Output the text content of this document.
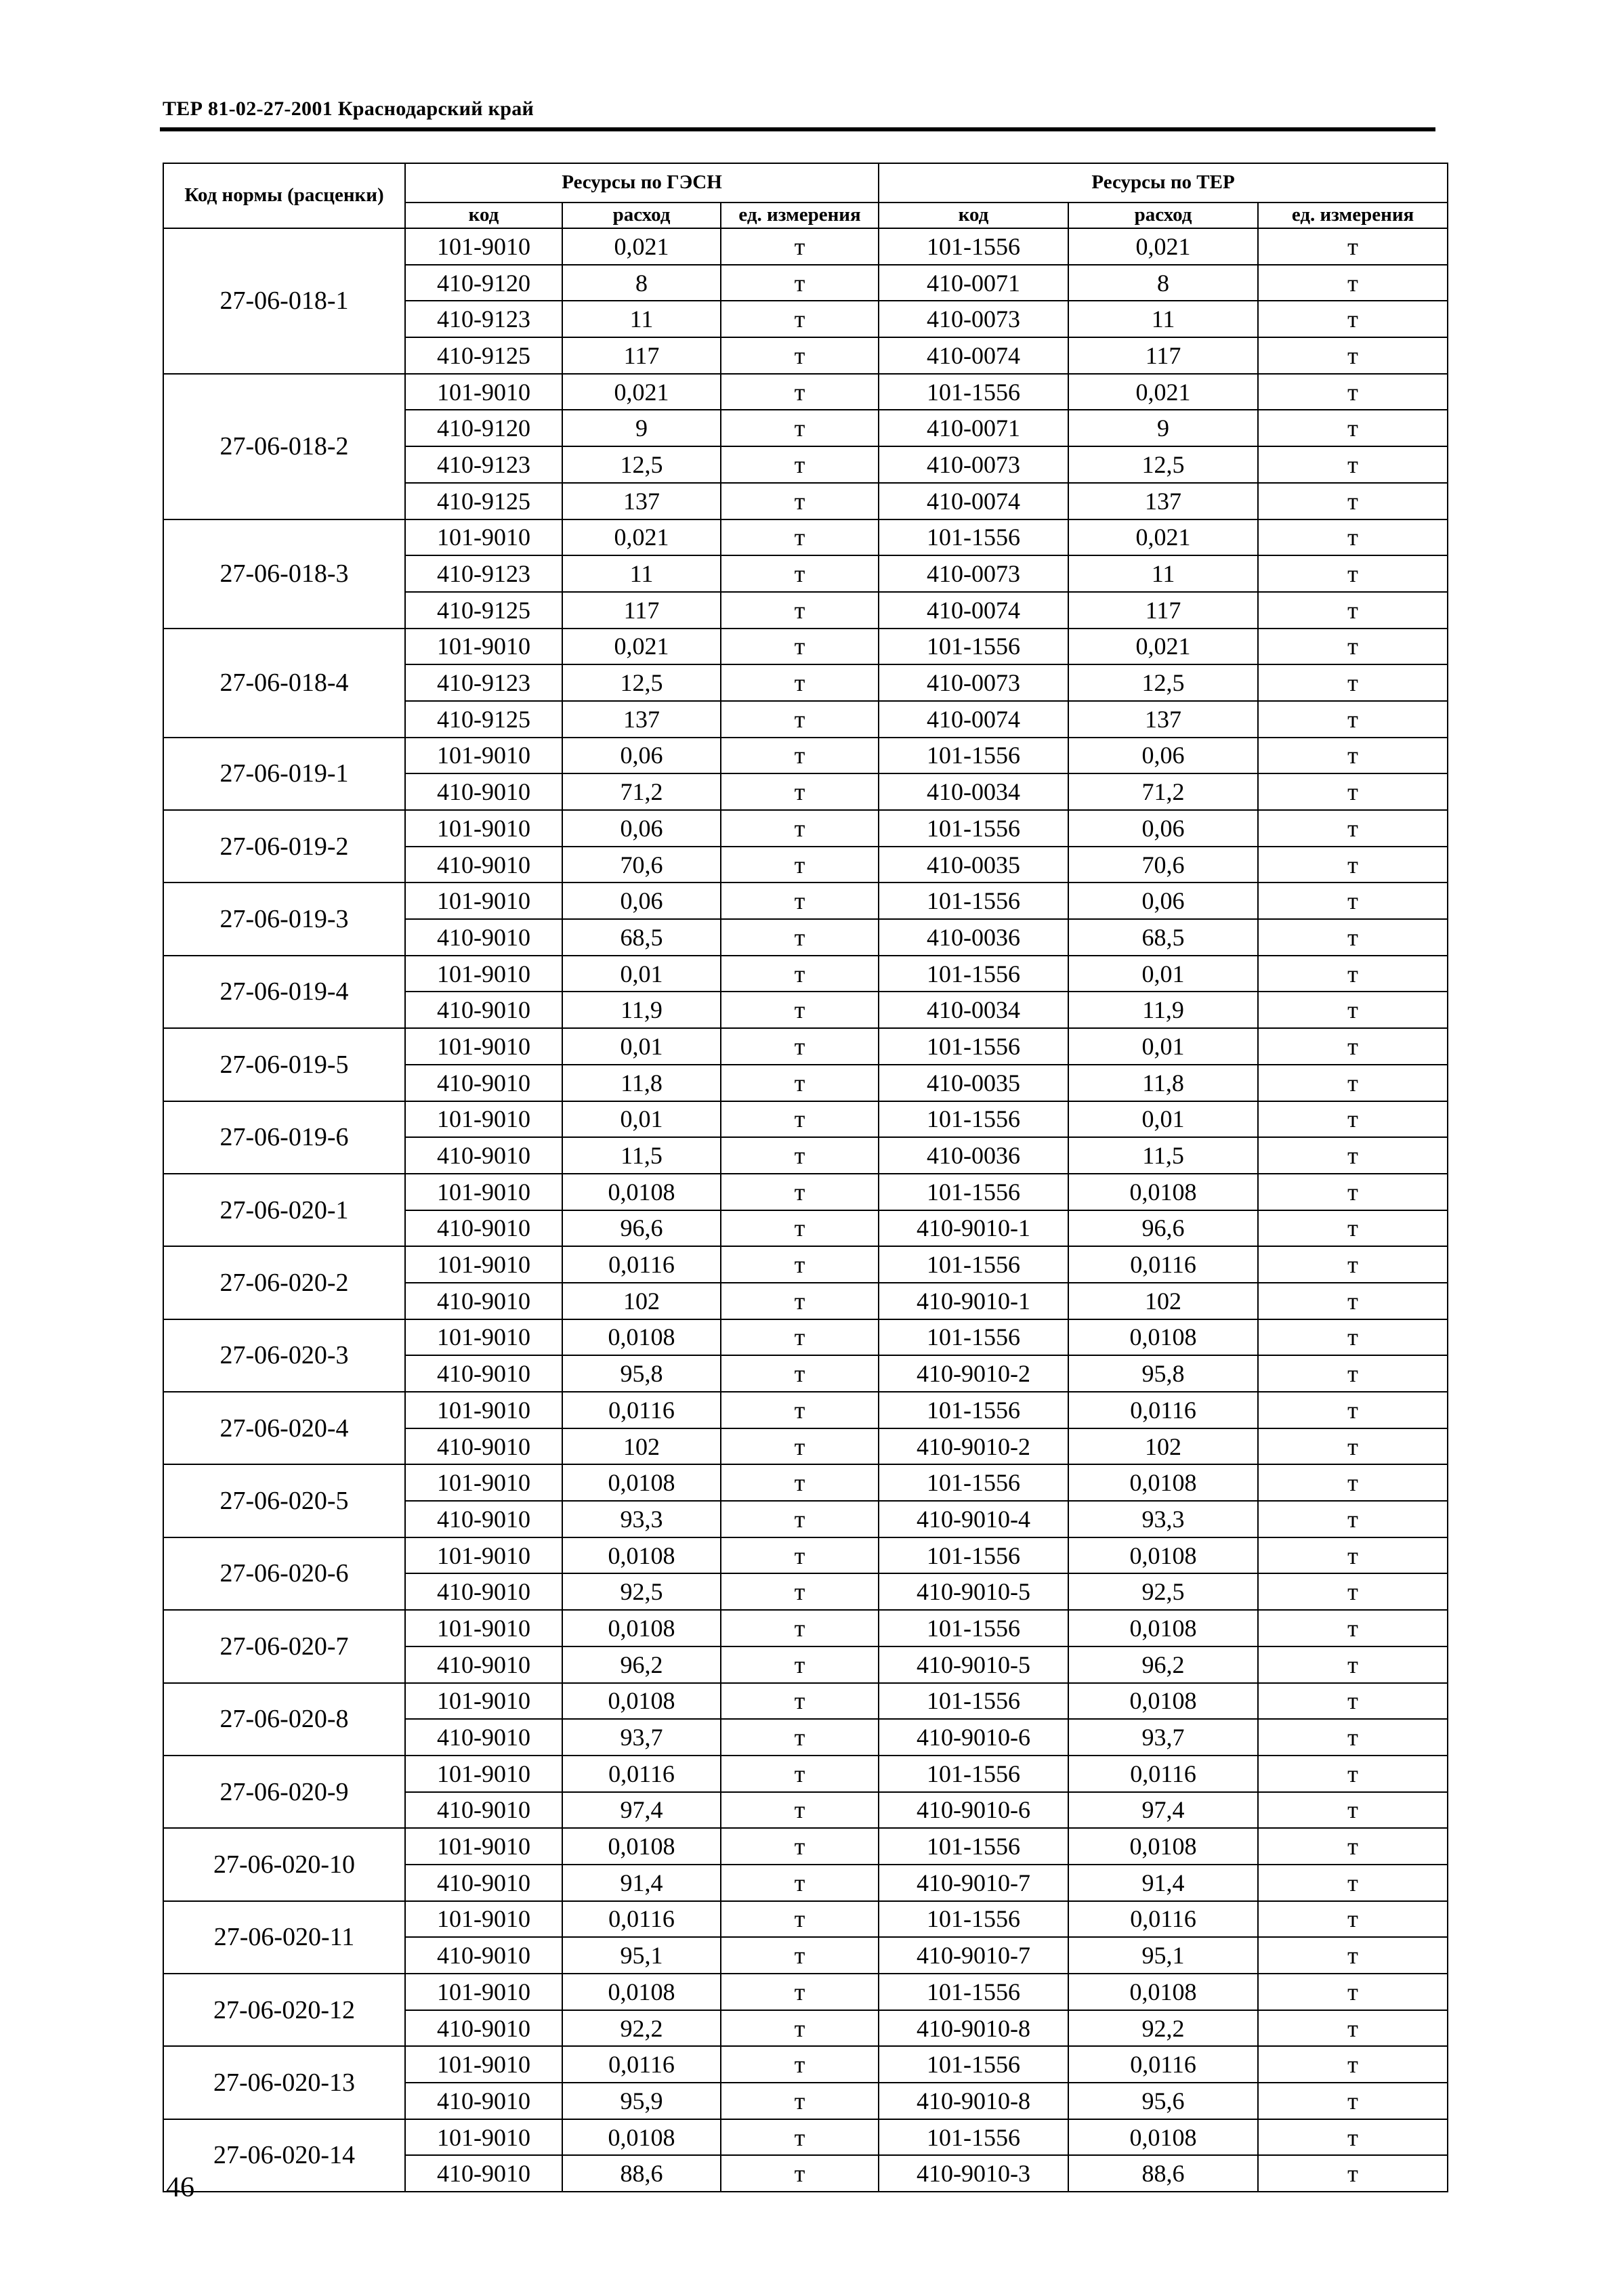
ТЕР 81-02-27-2001 Краснодарский край
Код нормы (расценки)	Ресурсы по ГЭСН			Ресурсы по ТЕР		
	код	расход	ед. измерения	код	расход	ед. измерения
27-06-018-1	101-9010	0,021	т	101-1556	0,021	т
	410-9120	8	т	410-0071	8	т
	410-9123	11	т	410-0073	11	т
	410-9125	117	т	410-0074	117	т
27-06-018-2	101-9010	0,021	т	101-1556	0,021	т
	410-9120	9	т	410-0071	9	т
	410-9123	12,5	т	410-0073	12,5	т
	410-9125	137	т	410-0074	137	т
27-06-018-3	101-9010	0,021	т	101-1556	0,021	т
	410-9123	11	т	410-0073	11	т
	410-9125	117	т	410-0074	117	т
27-06-018-4	101-9010	0,021	т	101-1556	0,021	т
	410-9123	12,5	т	410-0073	12,5	т
	410-9125	137	т	410-0074	137	т
27-06-019-1	101-9010	0,06	т	101-1556	0,06	т
	410-9010	71,2	т	410-0034	71,2	т
27-06-019-2	101-9010	0,06	т	101-1556	0,06	т
	410-9010	70,6	т	410-0035	70,6	т
27-06-019-3	101-9010	0,06	т	101-1556	0,06	т
	410-9010	68,5	т	410-0036	68,5	т
27-06-019-4	101-9010	0,01	т	101-1556	0,01	т
	410-9010	11,9	т	410-0034	11,9	т
27-06-019-5	101-9010	0,01	т	101-1556	0,01	т
	410-9010	11,8	т	410-0035	11,8	т
27-06-019-6	101-9010	0,01	т	101-1556	0,01	т
	410-9010	11,5	т	410-0036	11,5	т
27-06-020-1	101-9010	0,0108	т	101-1556	0,0108	т
	410-9010	96,6	т	410-9010-1	96,6	т
27-06-020-2	101-9010	0,0116	т	101-1556	0,0116	т
	410-9010	102	т	410-9010-1	102	т
27-06-020-3	101-9010	0,0108	т	101-1556	0,0108	т
	410-9010	95,8	т	410-9010-2	95,8	т
27-06-020-4	101-9010	0,0116	т	101-1556	0,0116	т
	410-9010	102	т	410-9010-2	102	т
27-06-020-5	101-9010	0,0108	т	101-1556	0,0108	т
	410-9010	93,3	т	410-9010-4	93,3	т
27-06-020-6	101-9010	0,0108	т	101-1556	0,0108	т
	410-9010	92,5	т	410-9010-5	92,5	т
27-06-020-7	101-9010	0,0108	т	101-1556	0,0108	т
	410-9010	96,2	т	410-9010-5	96,2	т
27-06-020-8	101-9010	0,0108	т	101-1556	0,0108	т
	410-9010	93,7	т	410-9010-6	93,7	т
27-06-020-9	101-9010	0,0116	т	101-1556	0,0116	т
	410-9010	97,4	т	410-9010-6	97,4	т
27-06-020-10	101-9010	0,0108	т	101-1556	0,0108	т
	410-9010	91,4	т	410-9010-7	91,4	т
27-06-020-11	101-9010	0,0116	т	101-1556	0,0116	т
	410-9010	95,1	т	410-9010-7	95,1	т
27-06-020-12	101-9010	0,0108	т	101-1556	0,0108	т
	410-9010	92,2	т	410-9010-8	92,2	т
27-06-020-13	101-9010	0,0116	т	101-1556	0,0116	т
	410-9010	95,9	т	410-9010-8	95,6	т
27-06-020-14	101-9010	0,0108	т	101-1556	0,0108	т
	410-9010	88,6	т	410-9010-3	88,6	т
46
